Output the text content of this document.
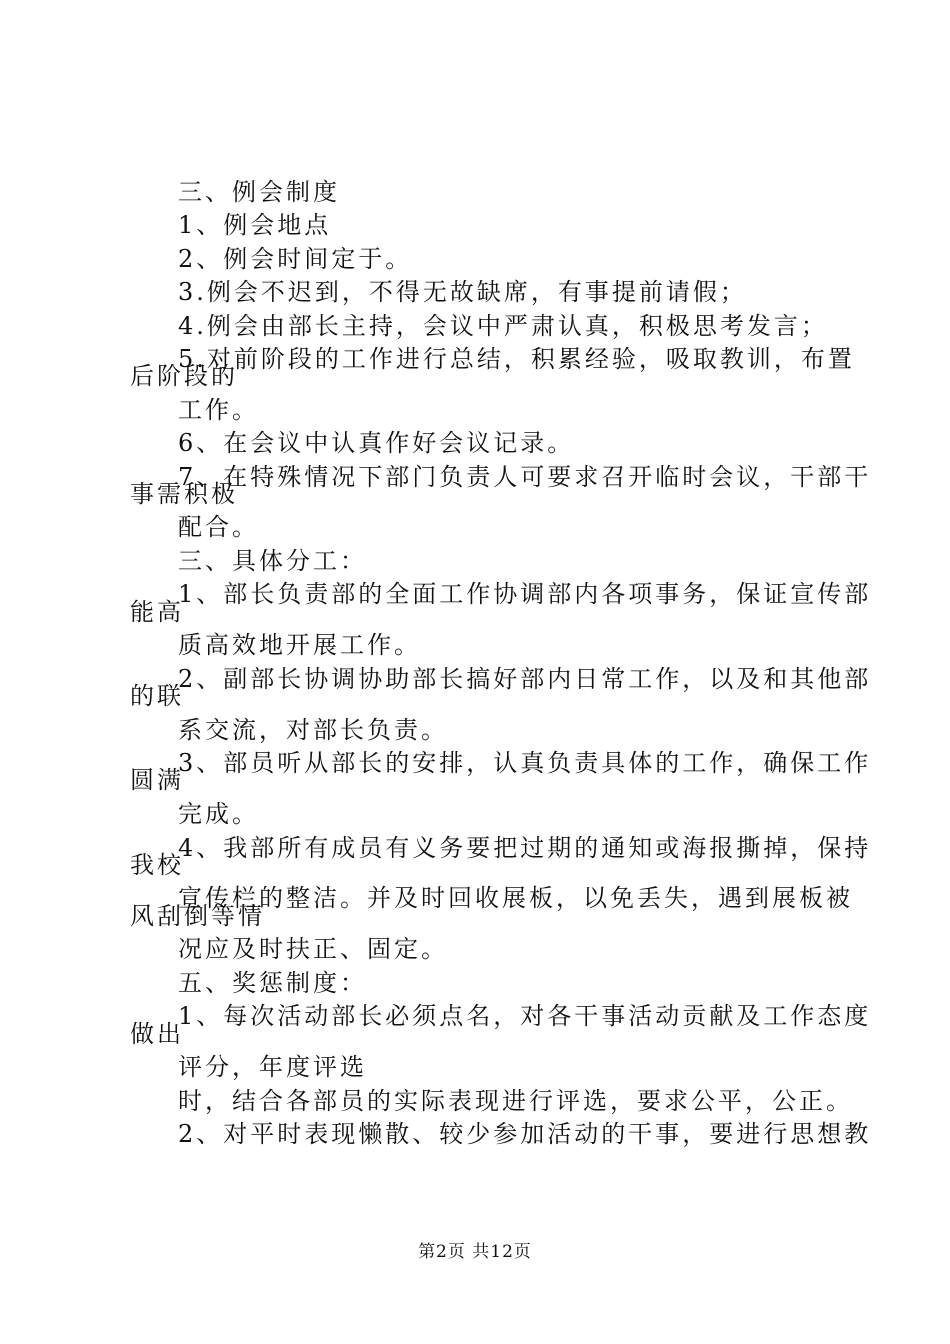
三、例会制度

1、例会地点

2、例会时间定于。

3.例会不迟到，不得无故缺席，有事提前请假；

4.例会由部长主持，会议中严肃认真，积极思考发言；

5.对前阶段的工作进行总结，积累经验，吸取教训，布置

后阶段的

工作。

6、在会议中认真作好会议记录。

7、在特殊情况下部门负责人可要求召开临时会议，干部干

事需积极

配合。

三、具体分工：

1、部长负责部的全面工作协调部内各项事务，保证宣传部

能高

质高效地开展工作。

2、副部长协调协助部长搞好部内日常工作，以及和其他部

的联

系交流，对部长负责。

3、部员听从部长的安排，认真负责具体的工作，确保工作

圆满

完成。

4、我部所有成员有义务要把过期的通知或海报撕掉，保持

我校

宣传栏的整洁。并及时回收展板，以免丢失，遇到展板被

风刮倒等情

况应及时扶正、固定。

五、奖惩制度：

1、每次活动部长必须点名，对各干事活动贡献及工作态度

做出

评分，年度评选

时，结合各部员的实际表现进行评选，要求公平，公正。

2、对平时表现懒散、较少参加活动的干事，要进行思想教

第2页 共12页
